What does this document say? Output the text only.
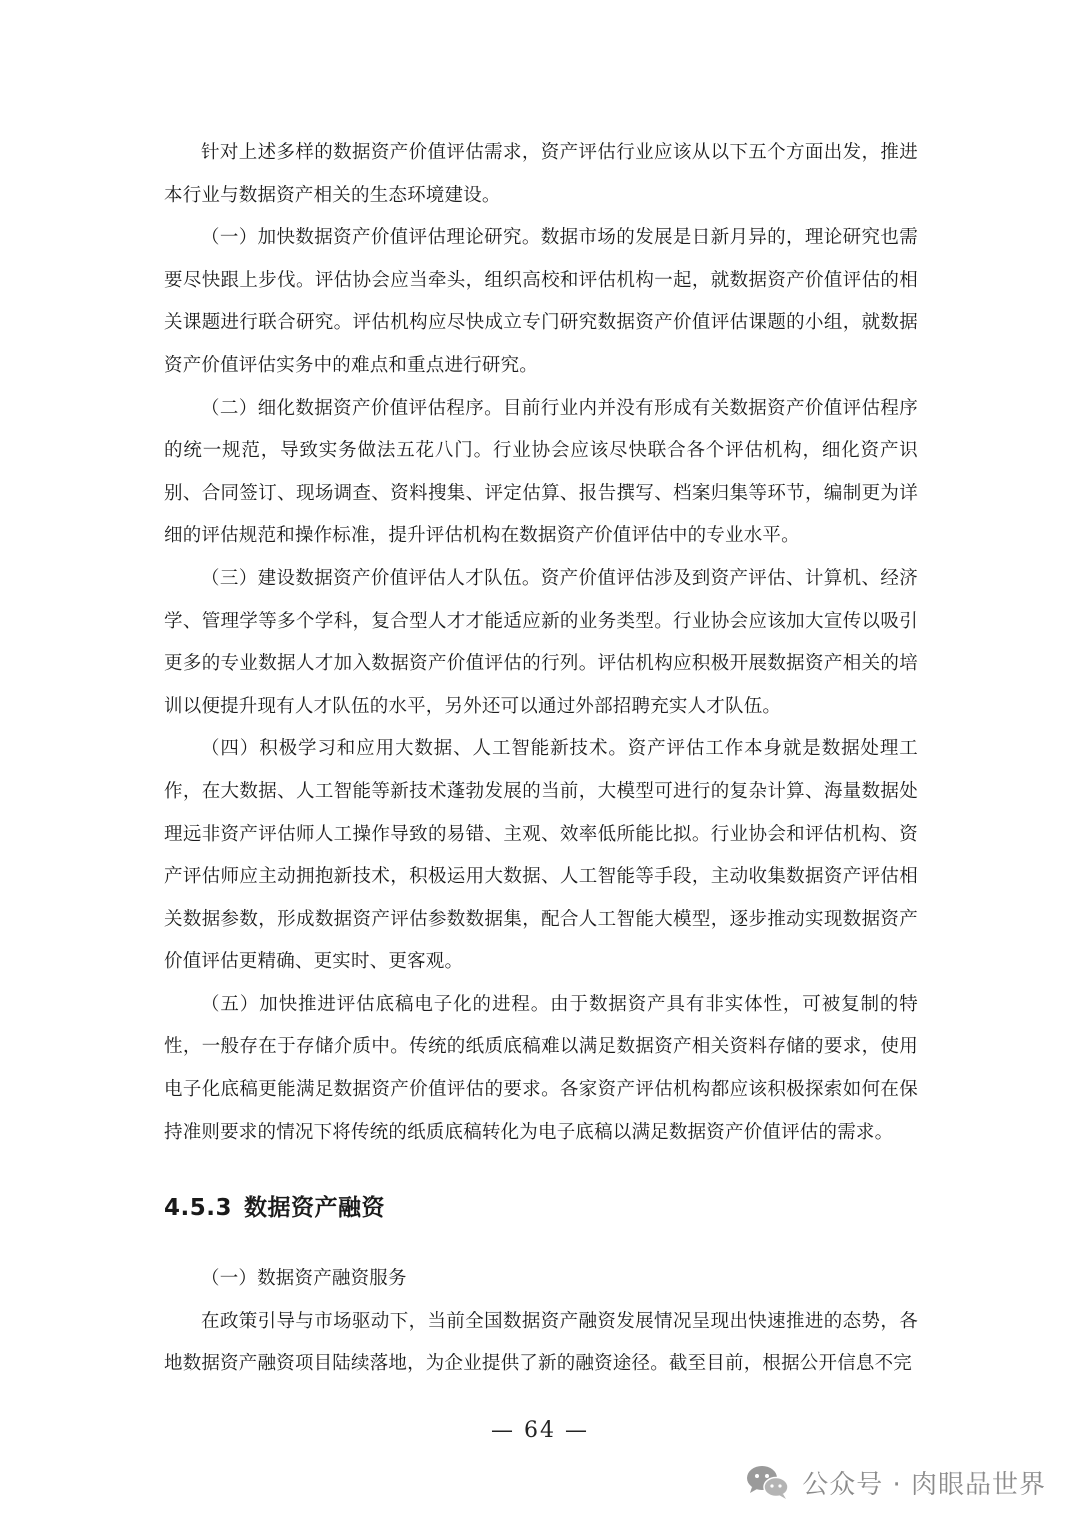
针对上述多样的数据资产价值评估需求，资产评估行业应该从以下五个方面出发，推进本行业与数据资产相关的生态环境建设。

（一）加快数据资产价值评估理论研究。数据市场的发展是日新月异的，理论研究也需要尽快跟上步伐。评估协会应当牵头，组织高校和评估机构一起，就数据资产价值评估的相关课题进行联合研究。评估机构应尽快成立专门研究数据资产价值评估课题的小组，就数据资产价值评估实务中的难点和重点进行研究。

（二）细化数据资产价值评估程序。目前行业内并没有形成有关数据资产价值评估程序的统一规范，导致实务做法五花八门。行业协会应该尽快联合各个评估机构，细化资产识别、合同签订、现场调查、资料搜集、评定估算、报告撰写、档案归集等环节，编制更为详细的评估规范和操作标准，提升评估机构在数据资产价值评估中的专业水平。

（三）建设数据资产价值评估人才队伍。资产价值评估涉及到资产评估、计算机、经济学、管理学等多个学科，复合型人才才能适应新的业务类型。行业协会应该加大宣传以吸引更多的专业数据人才加入数据资产价值评估的行列。评估机构应积极开展数据资产相关的培训以便提升现有人才队伍的水平，另外还可以通过外部招聘充实人才队伍。

（四）积极学习和应用大数据、人工智能新技术。资产评估工作本身就是数据处理工作，在大数据、人工智能等新技术蓬勃发展的当前，大模型可进行的复杂计算、海量数据处理远非资产评估师人工操作导致的易错、主观、效率低所能比拟。行业协会和评估机构、资产评估师应主动拥抱新技术，积极运用大数据、人工智能等手段，主动收集数据资产评估相关数据参数，形成数据资产评估参数数据集，配合人工智能大模型，逐步推动实现数据资产价值评估更精确、更实时、更客观。

（五）加快推进评估底稿电子化的进程。由于数据资产具有非实体性，可被复制的特性，一般存在于存储介质中。传统的纸质底稿难以满足数据资产相关资料存储的要求，使用电子化底稿更能满足数据资产价值评估的要求。各家资产评估机构都应该积极探索如何在保持准则要求的情况下将传统的纸质底稿转化为电子底稿以满足数据资产价值评估的需求。

4.5.3 数据资产融资

（一）数据资产融资服务

在政策引导与市场驱动下，当前全国数据资产融资发展情况呈现出快速推进的态势，各地数据资产融资项目陆续落地，为企业提供了新的融资途径。截至目前，根据公开信息不完

— 64 —
公众号 · 肉眼品世界
